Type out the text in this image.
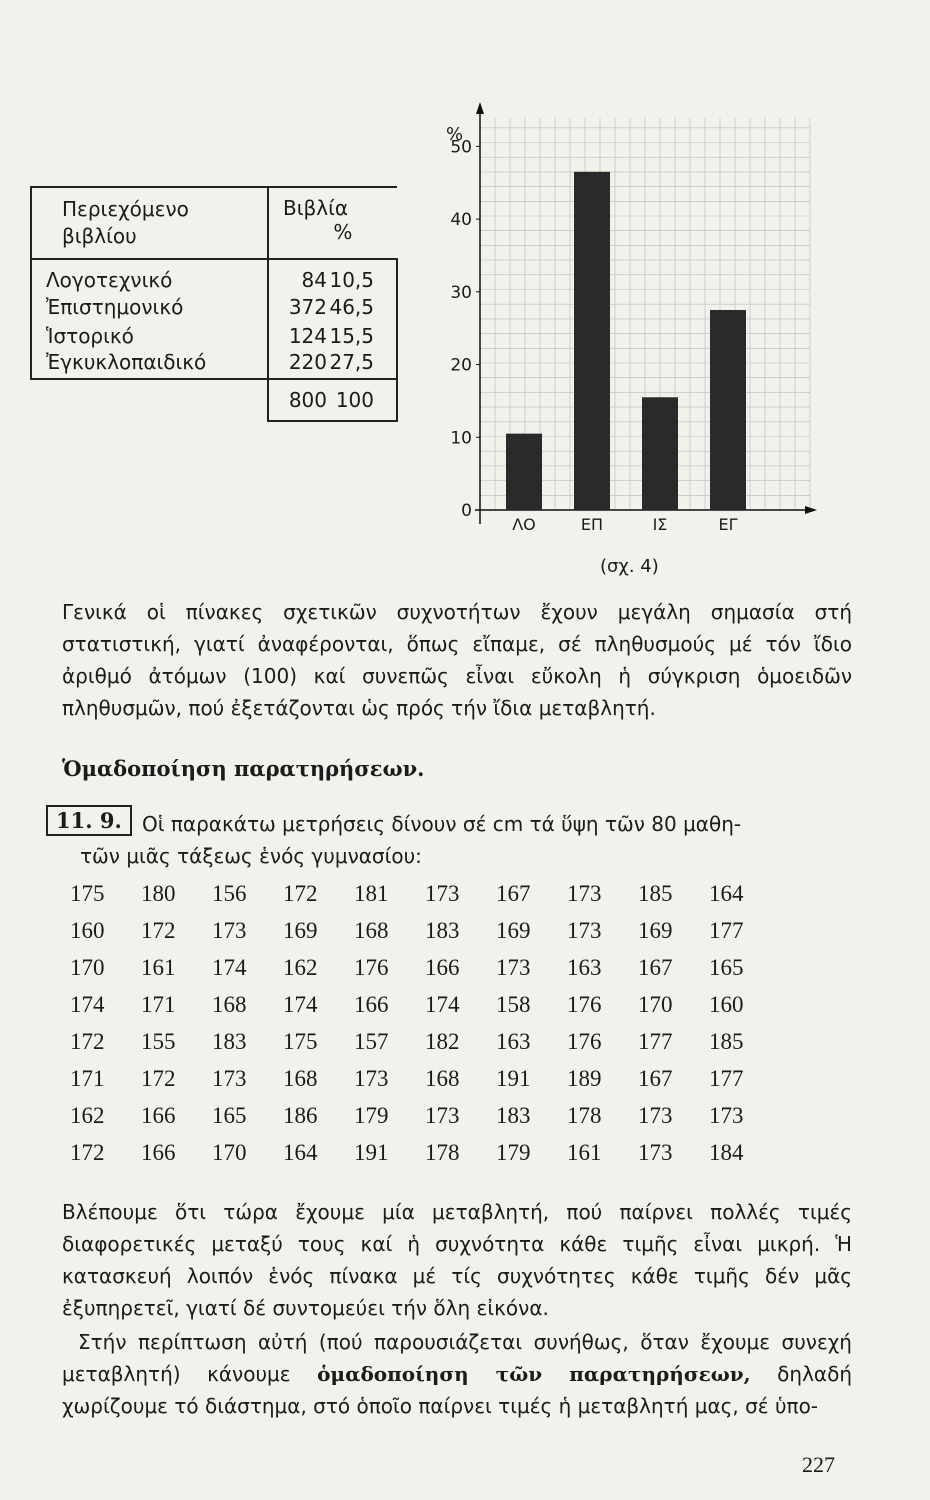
Περιεχόμενο
βιβλίου	Βιβλία  %	
Λογοτεχνικό	84	10,5
Ἐπιστημονικό	372	46,5
Ἱστορικό	124	15,5
Ἐγκυκλοπαιδικό	220	27,5
	800	100
0
10
20
30
40
50
%
ΛΟ	ΕΠ	ΙΣ	ΕΓ
(σχ. 4)

Γενικά οἱ πίνακες σχετικῶν συχνοτήτων ἔχουν μεγάλη σημασία στή στατιστική, γιατί ἀναφέρονται, ὅπως εἴπαμε, σέ πληθυσμούς μέ τόν ἴδιο ἀριθμό ἀτόμων (100) καί συνεπῶς εἶναι εὔκολη ἡ σύγκριση ὁμοειδῶν πληθυσμῶν, πού ἐξετάζονται ὡς πρός τήν ἴδια μεταβλητή.

Ὁμαδοποίηση παρατηρήσεων.
11. 9.	Οἱ παρακάτω μετρήσεις δίνουν σέ cm τά ὕψη τῶν 80 μαθη-

τῶν μιᾶς τάξεως ἑνός γυμνασίου:

175	180	156	172	181	173	167	173	185	164
160	172	173	169	168	183	169	173	169	177
170	161	174	162	176	166	173	163	167	165
174	171	168	174	166	174	158	176	170	160
172	155	183	175	157	182	163	176	177	185
171	172	173	168	173	168	191	189	167	177
162	166	165	186	179	173	183	178	173	173
172	166	170	164	191	178	179	161	173	184

Βλέπουμε ὅτι τώρα ἔχουμε μία μεταβλητή, πού παίρνει πολλές τιμές διαφορετικές μεταξύ τους καί ἡ συχνότητα κάθε τιμῆς εἶναι μικρή. Ἡ κατασκευή λοιπόν ἑνός πίνακα μέ τίς συχνότητες κάθε τιμῆς δέν μᾶς ἐξυπηρετεῖ, γιατί δέ συντομεύει τήν ὅλη εἰκόνα.

Στήν περίπτωση αὐτή (πού παρουσιάζεται συνήθως, ὅταν ἔχουμε συνεχή μεταβλητή) κάνουμε ὁμαδοποίηση τῶν παρατηρήσεων, δηλαδή χωρίζουμε τό διάστημα, στό ὁποῖο παίρνει τιμές ἡ μεταβλητή μας, σέ ὑπο-

227
